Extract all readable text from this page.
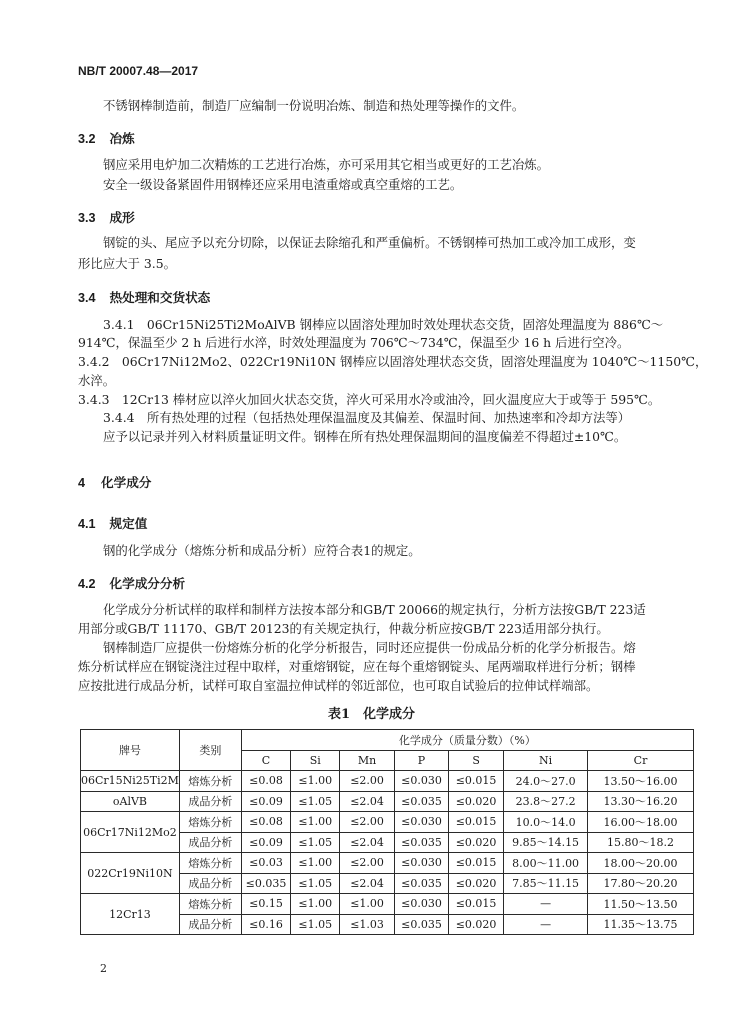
NB/T 20007.48—2017
不锈钢棒制造前，制造厂应编制一份说明冶炼、制造和热处理等操作的文件。
3.2 冶炼
钢应采用电炉加二次精炼的工艺进行冶炼，亦可采用其它相当或更好的工艺冶炼。
安全一级设备紧固件用钢棒还应采用电渣重熔或真空重熔的工艺。
3.3 成形
钢锭的头、尾应予以充分切除，以保证去除缩孔和严重偏析。不锈钢棒可热加工或冷加工成形，变
形比应大于 3.5。
3.4 热处理和交货状态
3.4.1　06Cr15Ni25Ti2MoAlVB 钢棒应以固溶处理加时效处理状态交货，固溶处理温度为 886℃～
914℃，保温至少 2 h 后进行水淬，时效处理温度为 706℃～734℃，保温至少 16 h 后进行空冷。
3.4.2　06Cr17Ni12Mo2、022Cr19Ni10N 钢棒应以固溶处理状态交货，固溶处理温度为 1040℃～1150℃，
水淬。
3.4.3　12Cr13 棒材应以淬火加回火状态交货，淬火可采用水冷或油冷，回火温度应大于或等于 595℃。
3.4.4　所有热处理的过程（包括热处理保温温度及其偏差、保温时间、加热速率和冷却方法等）
应予以记录并列入材料质量证明文件。钢棒在所有热处理保温期间的温度偏差不得超过±10℃。
4 化学成分
4.1 规定值
钢的化学成分（熔炼分析和成品分析）应符合表1的规定。
4.2 化学成分分析
化学成分分析试样的取样和制样方法按本部分和GB/T 20066的规定执行，分析方法按GB/T 223适
用部分或GB/T 11170、GB/T 20123的有关规定执行，仲裁分析应按GB/T 223适用部分执行。
钢棒制造厂应提供一份熔炼分析的化学分析报告，同时还应提供一份成品分析的化学分析报告。熔
炼分析试样应在钢锭浇注过程中取样，对重熔钢锭，应在每个重熔钢锭头、尾两端取样进行分析；钢棒
应按批进行成品分析，试样可取自室温拉伸试样的邻近部位，也可取自试验后的拉伸试样端部。
表1　化学成分
牌号	类别	化学成分（质量分数）（%）						
		C	Si	Mn	P	S	Ni	Cr
06Cr15Ni25Ti2M	熔炼分析	≤0.08	≤1.00	≤2.00	≤0.030	≤0.015	24.0～27.0	13.50～16.00
oAlVB	成品分析	≤0.09	≤1.05	≤2.04	≤0.035	≤0.020	23.8～27.2	13.30～16.20
06Cr17Ni12Mo2	熔炼分析	≤0.08	≤1.00	≤2.00	≤0.030	≤0.015	10.0～14.0	16.00～18.00
	成品分析	≤0.09	≤1.05	≤2.04	≤0.035	≤0.020	9.85～14.15	15.80～18.2
022Cr19Ni10N	熔炼分析	≤0.03	≤1.00	≤2.00	≤0.030	≤0.015	8.00～11.00	18.00～20.00
	成品分析	≤0.035	≤1.05	≤2.04	≤0.035	≤0.020	7.85～11.15	17.80～20.20
12Cr13	熔炼分析	≤0.15	≤1.00	≤1.00	≤0.030	≤0.015	—	11.50～13.50
	成品分析	≤0.16	≤1.05	≤1.03	≤0.035	≤0.020	—	11.35～13.75
2
